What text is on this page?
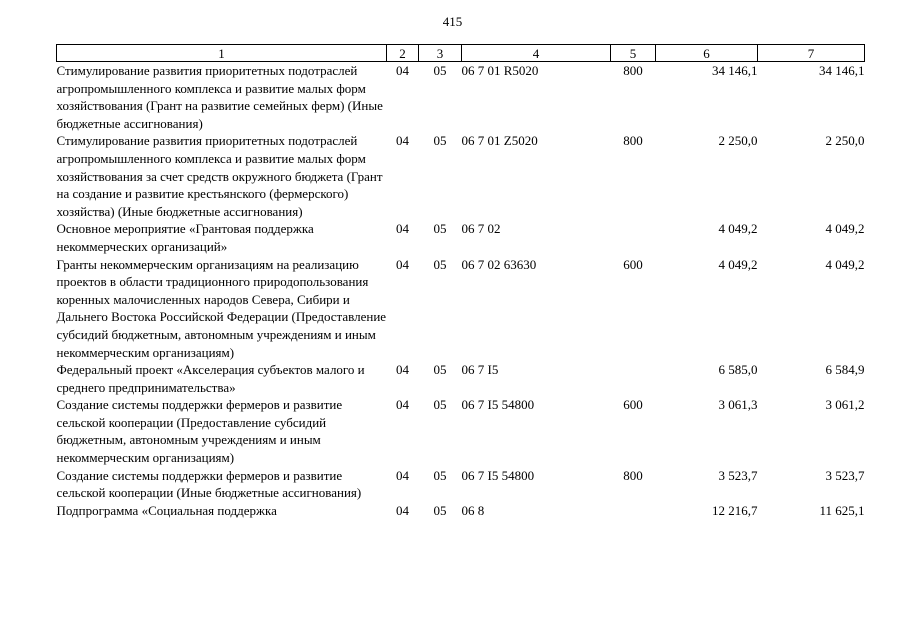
415
1	2	3	4	5	6	7
Стимулирование развития приоритетных подотраслей агропромышленного комплекса и развитие малых форм хозяйствования (Грант на развитие семейных ферм) (Иные бюджетные ассигнования)	04	05	06 7 01 R5020	800	34 146,1	34 146,1
Стимулирование развития приоритетных подотраслей агропромышленного комплекса и развитие малых форм хозяйствования за счет средств окружного бюджета (Грант на создание и развитие крестьянского (фермерского) хозяйства) (Иные бюджетные ассигнования)	04	05	06 7 01 Z5020	800	2 250,0	2 250,0
Основное мероприятие «Грантовая поддержка некоммерческих организаций»	04	05	06 7 02		4 049,2	4 049,2
Гранты некоммерческим организациям на реализацию проектов в области традиционного природопользования коренных малочисленных народов Севера, Сибири и Дальнего Востока Российской Федерации (Предоставление субсидий бюджетным, автономным учреждениям и иным некоммерческим организациям)	04	05	06 7 02 63630	600	4 049,2	4 049,2
Федеральный проект «Акселерация субъектов малого и среднего предпринимательства»	04	05	06 7 I5		6 585,0	6 584,9
Создание системы поддержки фермеров и развитие сельской кооперации (Предоставление субсидий бюджетным, автономным учреждениям и иным некоммерческим организациям)	04	05	06 7 I5 54800	600	3 061,3	3 061,2
Создание системы поддержки фермеров и развитие сельской кооперации (Иные бюджетные ассигнования)	04	05	06 7 I5 54800	800	3 523,7	3 523,7
Подпрограмма «Социальная поддержка	04	05	06 8		12 216,7	11 625,1
